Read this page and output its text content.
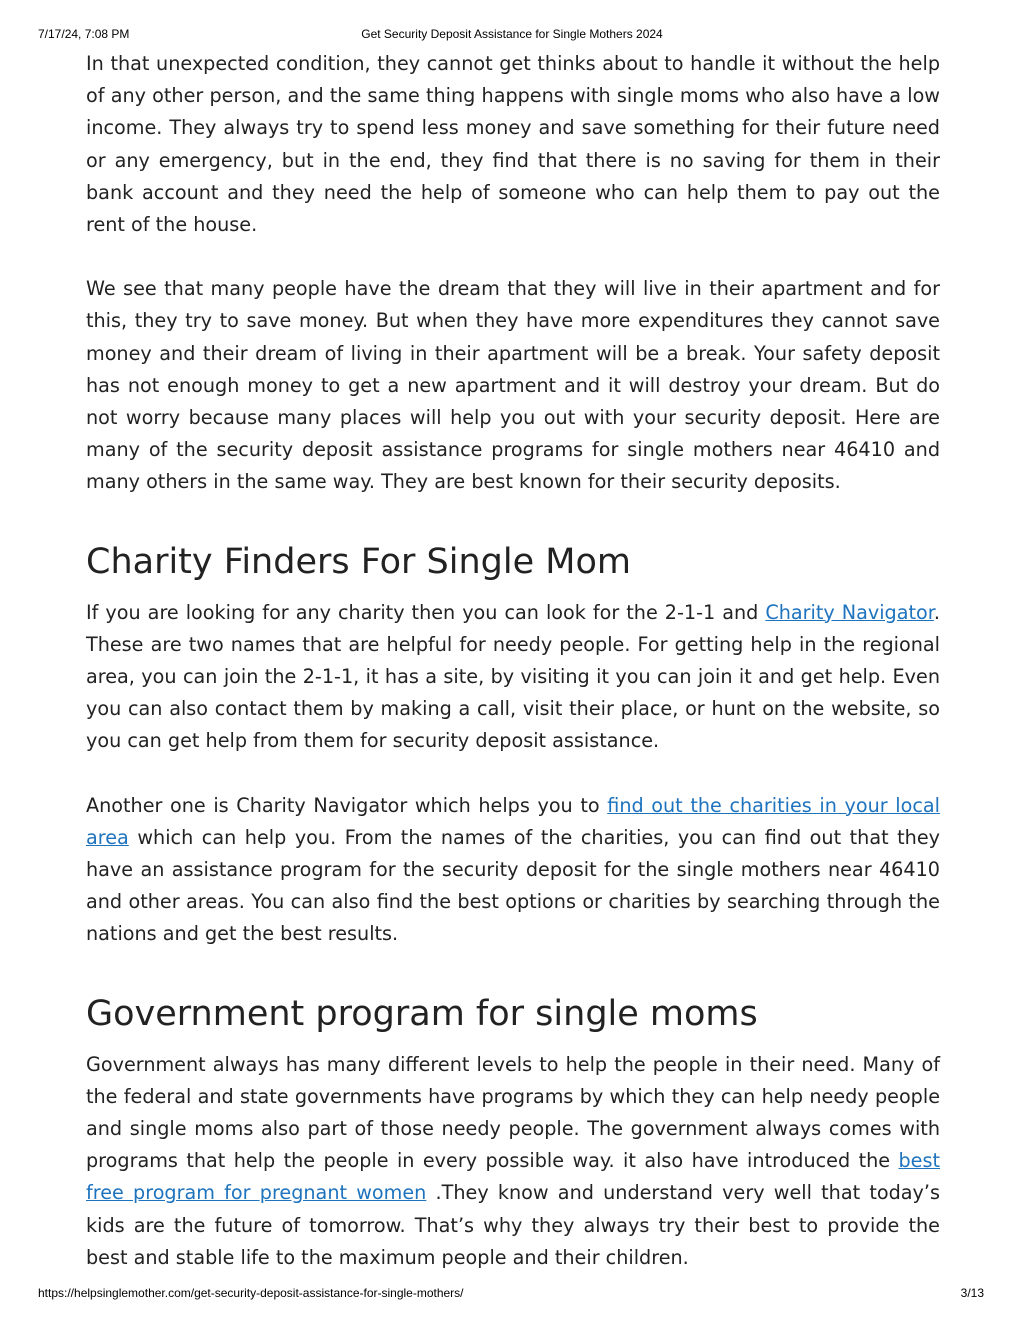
7/17/24, 7:08 PM	Get Security Deposit Assistance for Single Mothers 2024

In that unexpected condition, they cannot get thinks about to handle it without the help of any other person, and the same thing happens with single moms who also have a low income. They always try to spend less money and save something for their future need or any emergency, but in the end, they find that there is no saving for them in their bank account and they need the help of someone who can help them to pay out the rent of the house.

We see that many people have the dream that they will live in their apartment and for this, they try to save money. But when they have more expenditures they cannot save money and their dream of living in their apartment will be a break. Your safety deposit has not enough money to get a new apartment and it will destroy your dream. But do not worry because many places will help you out with your security deposit. Here are many of the security deposit assistance programs for single mothers near 46410 and many others in the same way. They are best known for their security deposits.

Charity Finders For Single Mom

If you are looking for any charity then you can look for the 2-1-1 and Charity Navigator. These are two names that are helpful for needy people. For getting help in the regional area, you can join the 2-1-1, it has a site, by visiting it you can join it and get help. Even you can also contact them by making a call, visit their place, or hunt on the website, so you can get help from them for security deposit assistance.

Another one is Charity Navigator which helps you to find out the charities in your local area which can help you. From the names of the charities, you can find out that they have an assistance program for the security deposit for the single mothers near 46410 and other areas. You can also find the best options or charities by searching through the nations and get the best results.

Government program for single moms

Government always has many different levels to help the people in their need. Many of the federal and state governments have programs by which they can help needy people and single moms also part of those needy people. The government always comes with programs that help the people in every possible way. it also have introduced the best free program for pregnant women .They know and understand very well that today’s kids are the future of tomorrow. That’s why they always try their best to provide the best and stable life to the maximum people and their children.

https://helpsinglemother.com/get-security-deposit-assistance-for-single-mothers/	3/13
